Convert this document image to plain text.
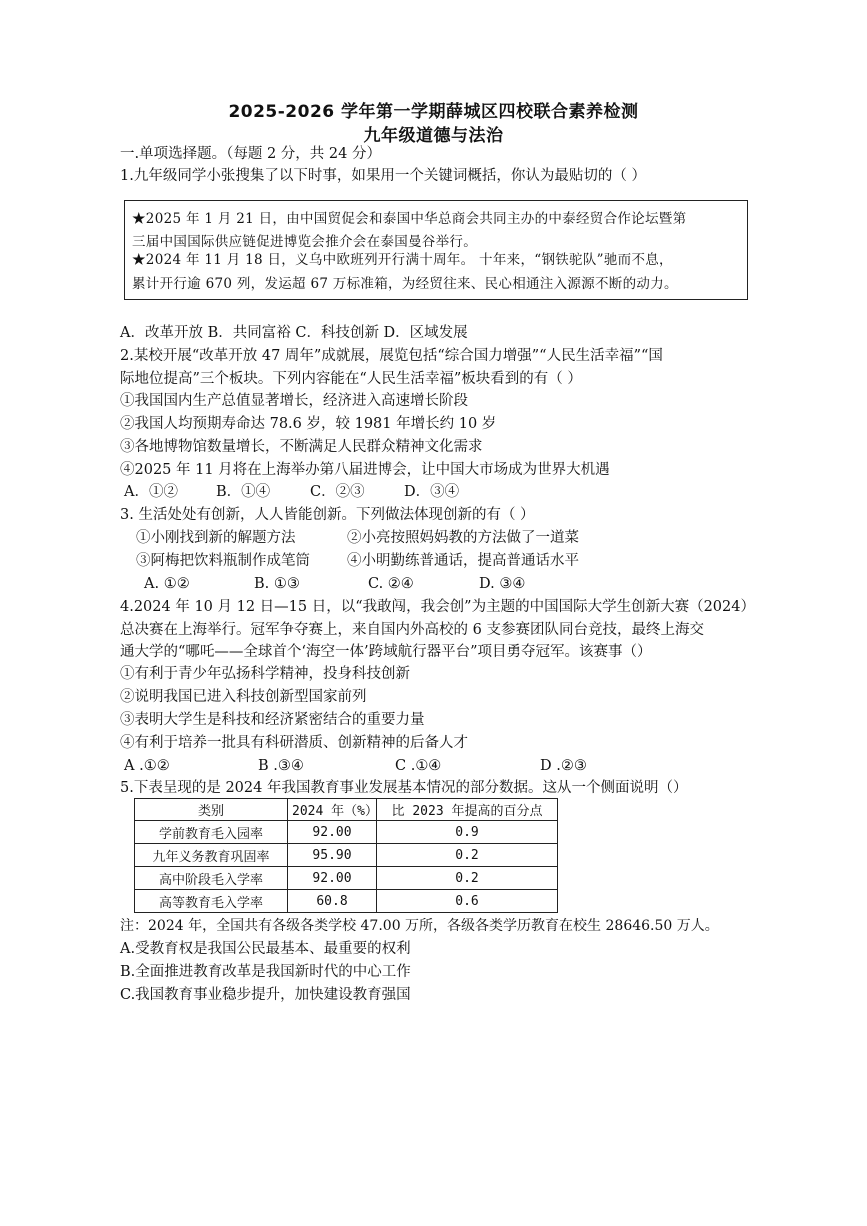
2025-2026 学年第一学期薛城区四校联合素养检测
九年级道德与法治
一.单项选择题。（每题 2 分，共 24 分）
1.九年级同学小张搜集了以下时事，如果用一个关键词概括，你认为最贴切的（ ）
★2025 年 1 月 21 日，由中国贸促会和泰国中华总商会共同主办的中泰经贸合作论坛暨第
三届中国国际供应链促进博览会推介会在泰国曼谷举行。
★2024 年 11 月 18 日，义乌中欧班列开行满十周年。 十年来，“钢铁驼队”驰而不息，
累计开行逾 670 列，发运超 67 万标准箱，为经贸往来、民心相通注入源源不断的动力。
A．改革开放 B．共同富裕 C．科技创新 D．区域发展
2.某校开展“改革开放 47 周年”成就展，展览包括“综合国力增强”“人民生活幸福”“国
际地位提高”三个板块。下列内容能在“人民生活幸福”板块看到的有（ ）
①我国国内生产总值显著增长，经济进入高速增长阶段
②我国人均预期寿命达 78.6 岁，较 1981 年增长约 10 岁
③各地博物馆数量增长，不断满足人民群众精神文化需求
④2025 年 11 月将在上海举办第八届进博会，让中国大市场成为世界大机遇
A．①②	B．①④	C．②③	D．③④
3. 生活处处有创新，人人皆能创新。下列做法体现创新的有（ ）
①小刚找到新的解题方法	②小亮按照妈妈教的方法做了一道菜
③阿梅把饮料瓶制作成笔筒	④小明勤练普通话，提高普通话水平
A. ①②	B. ①③	C. ②④	D. ③④
4.2024 年 10 月 12 日—15 日，以“我敢闯，我会创”为主题的中国国际大学生创新大赛（2024）
总决赛在上海举行。冠军争夺赛上，来自国内外高校的 6 支参赛团队同台竞技，最终上海交
通大学的“哪吒——全球首个‘海空一体’跨域航行器平台”项目勇夺冠军。该赛事（）
①有利于青少年弘扬科学精神，投身科技创新
②说明我国已进入科技创新型国家前列
③表明大学生是科技和经济紧密结合的重要力量
④有利于培养一批具有科研潜质、创新精神的后备人才
A .①②	B .③④	C .①④	D .②③
5.下表呈现的是 2024 年我国教育事业发展基本情况的部分数据。这从一个侧面说明（）
类别	2024 年（%）	比 2023 年提高的百分点
学前教育毛入园率	92.00	0.9
九年义务教育巩固率	95.90	0.2
高中阶段毛入学率	92.00	0.2
高等教育毛入学率	60.8	0.6
注：2024 年，全国共有各级各类学校 47.00 万所，各级各类学历教育在校生 28646.50 万人。
A.受教育权是我国公民最基本、最重要的权利
B.全面推进教育改革是我国新时代的中心工作
C.我国教育事业稳步提升，加快建设教育强国
